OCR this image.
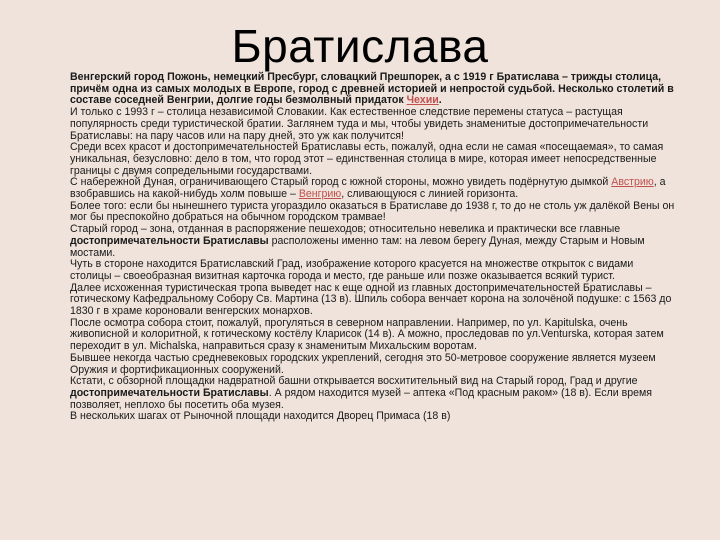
Братислава

Венгерский город Пожонь, немецкий Пресбург, словацкий Прешпорек, а с 1919 г Братислава – трижды столица, причём одна из самых молодых в Европе, город с древней историей и непростой судьбой. Несколько столетий в составе соседней Венгрии, долгие годы безмолвный придаток Чехии.

И только с 1993 г – столица независимой Словакии. Как естественное следствие перемены статуса – растущая популярность среди туристической братии. Заглянем туда и мы, чтобы увидеть знаменитые достопримечательности Братиславы: на пару часов или на пару дней, это уж как получится!

Среди всех красот и достопримечательностей Братиславы есть, пожалуй, одна если не самая «посещаемая», то самая уникальная, безусловно: дело в том, что город этот – единственная столица в мире, которая имеет непосредственные границы с двумя сопредельными государствами.

С набережной Дуная, ограничивающего Старый город с южной стороны, можно увидеть подёрнутую дымкой Австрию, а взобравшись на какой-нибудь холм повыше – Венгрию, сливающуюся с линией горизонта.

Более того: если бы нынешнего туриста угораздило оказаться в Братиславе до 1938 г, то до не столь уж далёкой Вены он мог бы преспокойно добраться на обычном городском трамвае!

Старый город – зона, отданная в распоряжение пешеходов; относительно невелика и практически все главные достопримечательности Братиславы расположены именно там: на левом берегу Дуная, между Старым и Новым мостами.

Чуть в стороне находится Братиславский Град, изображение которого красуется на множестве открыток с видами столицы – своеобразная визитная карточка города и место, где раньше или позже оказывается всякий турист.

Далее исхоженная туристическая тропа выведет нас к еще одной из главных достопримечательностей Братиславы – готическому Кафедральному Собору Св. Мартина (13 в). Шпиль собора венчает корона на золочёной подушке: с 1563 до 1830 г в храме короновали венгерских монархов.

После осмотра собора стоит, пожалуй, прогуляться в северном направлении. Например, по ул. Kapitulska, очень живописной и колоритной, к готическому костёлу Кларисок (14 в). А можно, проследовав по ул.Venturska, которая затем переходит в ул. Michalska, направиться сразу к знаменитым Михальским воротам.

Бывшее некогда частью средневековых городских укреплений, сегодня это 50-метровое сооружение является музеем Оружия и фортификационных сооружений.

Кстати, с обзорной площадки надвратной башни открывается восхитительный вид на Старый город, Град и другие достопримечательности Братиславы. А рядом находится музей – аптека «Под красным раком» (18 в). Если время позволяет, неплохо бы посетить оба музея.

В нескольких шагах от Рыночной площади находится Дворец Примаса (18 в)
